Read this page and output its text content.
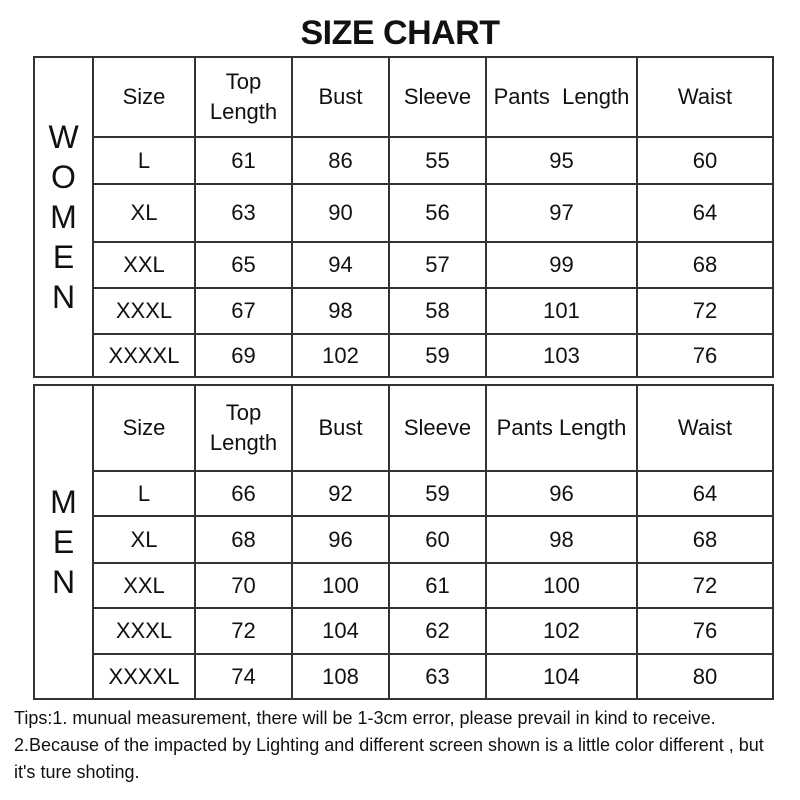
SIZE CHART
WOMEN	Size	Top Length	Bust	Sleeve	Pants  Length	Waist
	L	61	86	55	95	60
	XL	63	90	56	97	64
	XXL	65	94	57	99	68
	XXXL	67	98	58	101	72
	XXXXL	69	102	59	103	76
MEN	Size	Top Length	Bust	Sleeve	Pants Length	Waist
	L	66	92	59	96	64
	XL	68	96	60	98	68
	XXL	70	100	61	100	72
	XXXL	72	104	62	102	76
	XXXXL	74	108	63	104	80
Tips:1. munual measurement, there will be 1-3cm error, please prevail in kind to receive.
2.Because of the impacted by Lighting and different screen shown is a little color different , but it's ture shoting.
